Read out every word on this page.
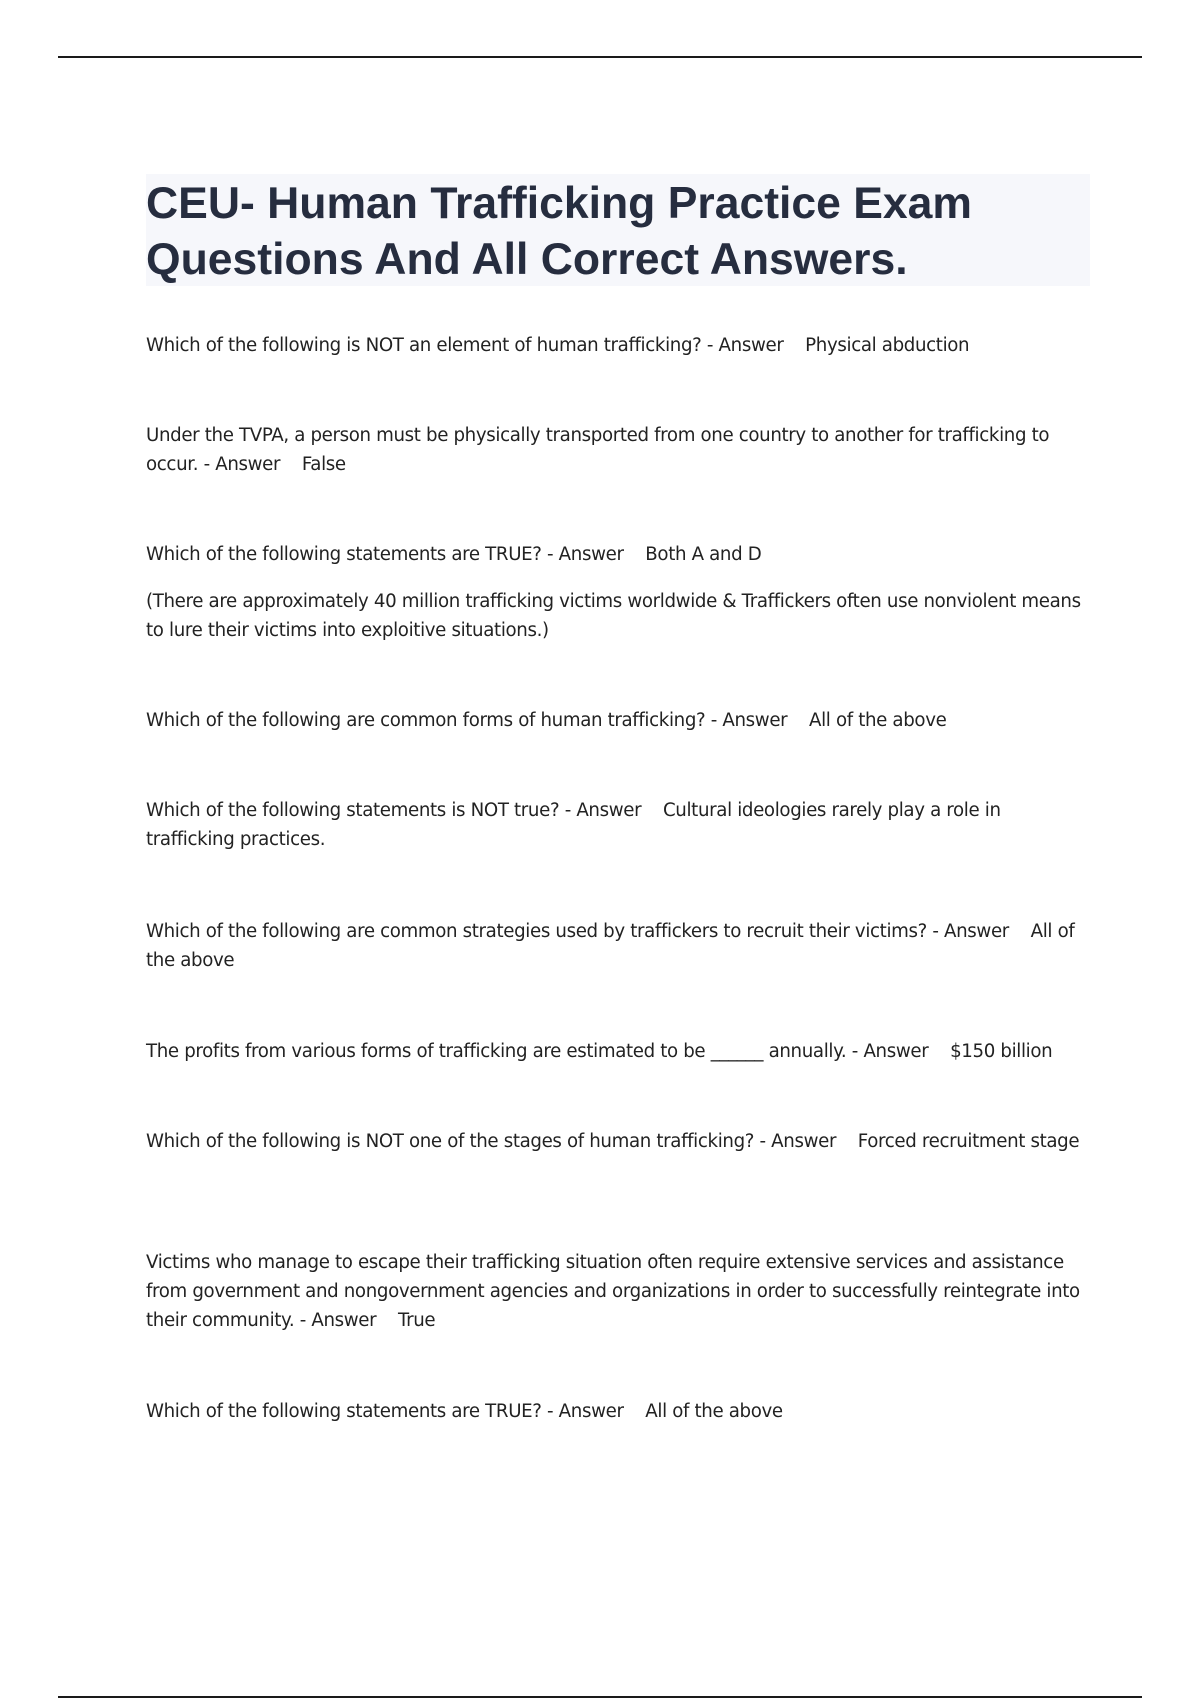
CEU- Human Trafficking Practice Exam Questions And All Correct Answers.

Which of the following is NOT an element of human trafficking? - Answer    Physical abduction

Under the TVPA, a person must be physically transported from one country to another for trafficking to occur. - Answer    False

Which of the following statements are TRUE? - Answer    Both A and D

(There are approximately 40 million trafficking victims worldwide & Traffickers often use nonviolent means to lure their victims into exploitive situations.)

Which of the following are common forms of human trafficking? - Answer    All of the above

Which of the following statements is NOT true? - Answer    Cultural ideologies rarely play a role in trafficking practices.

Which of the following are common strategies used by traffickers to recruit their victims? - Answer    All of the above

The profits from various forms of trafficking are estimated to be ______ annually. - Answer    $150 billion

Which of the following is NOT one of the stages of human trafficking? - Answer    Forced recruitment stage

Victims who manage to escape their trafficking situation often require extensive services and assistance from government and nongovernment agencies and organizations in order to successfully reintegrate into their community. - Answer    True

Which of the following statements are TRUE? - Answer    All of the above
